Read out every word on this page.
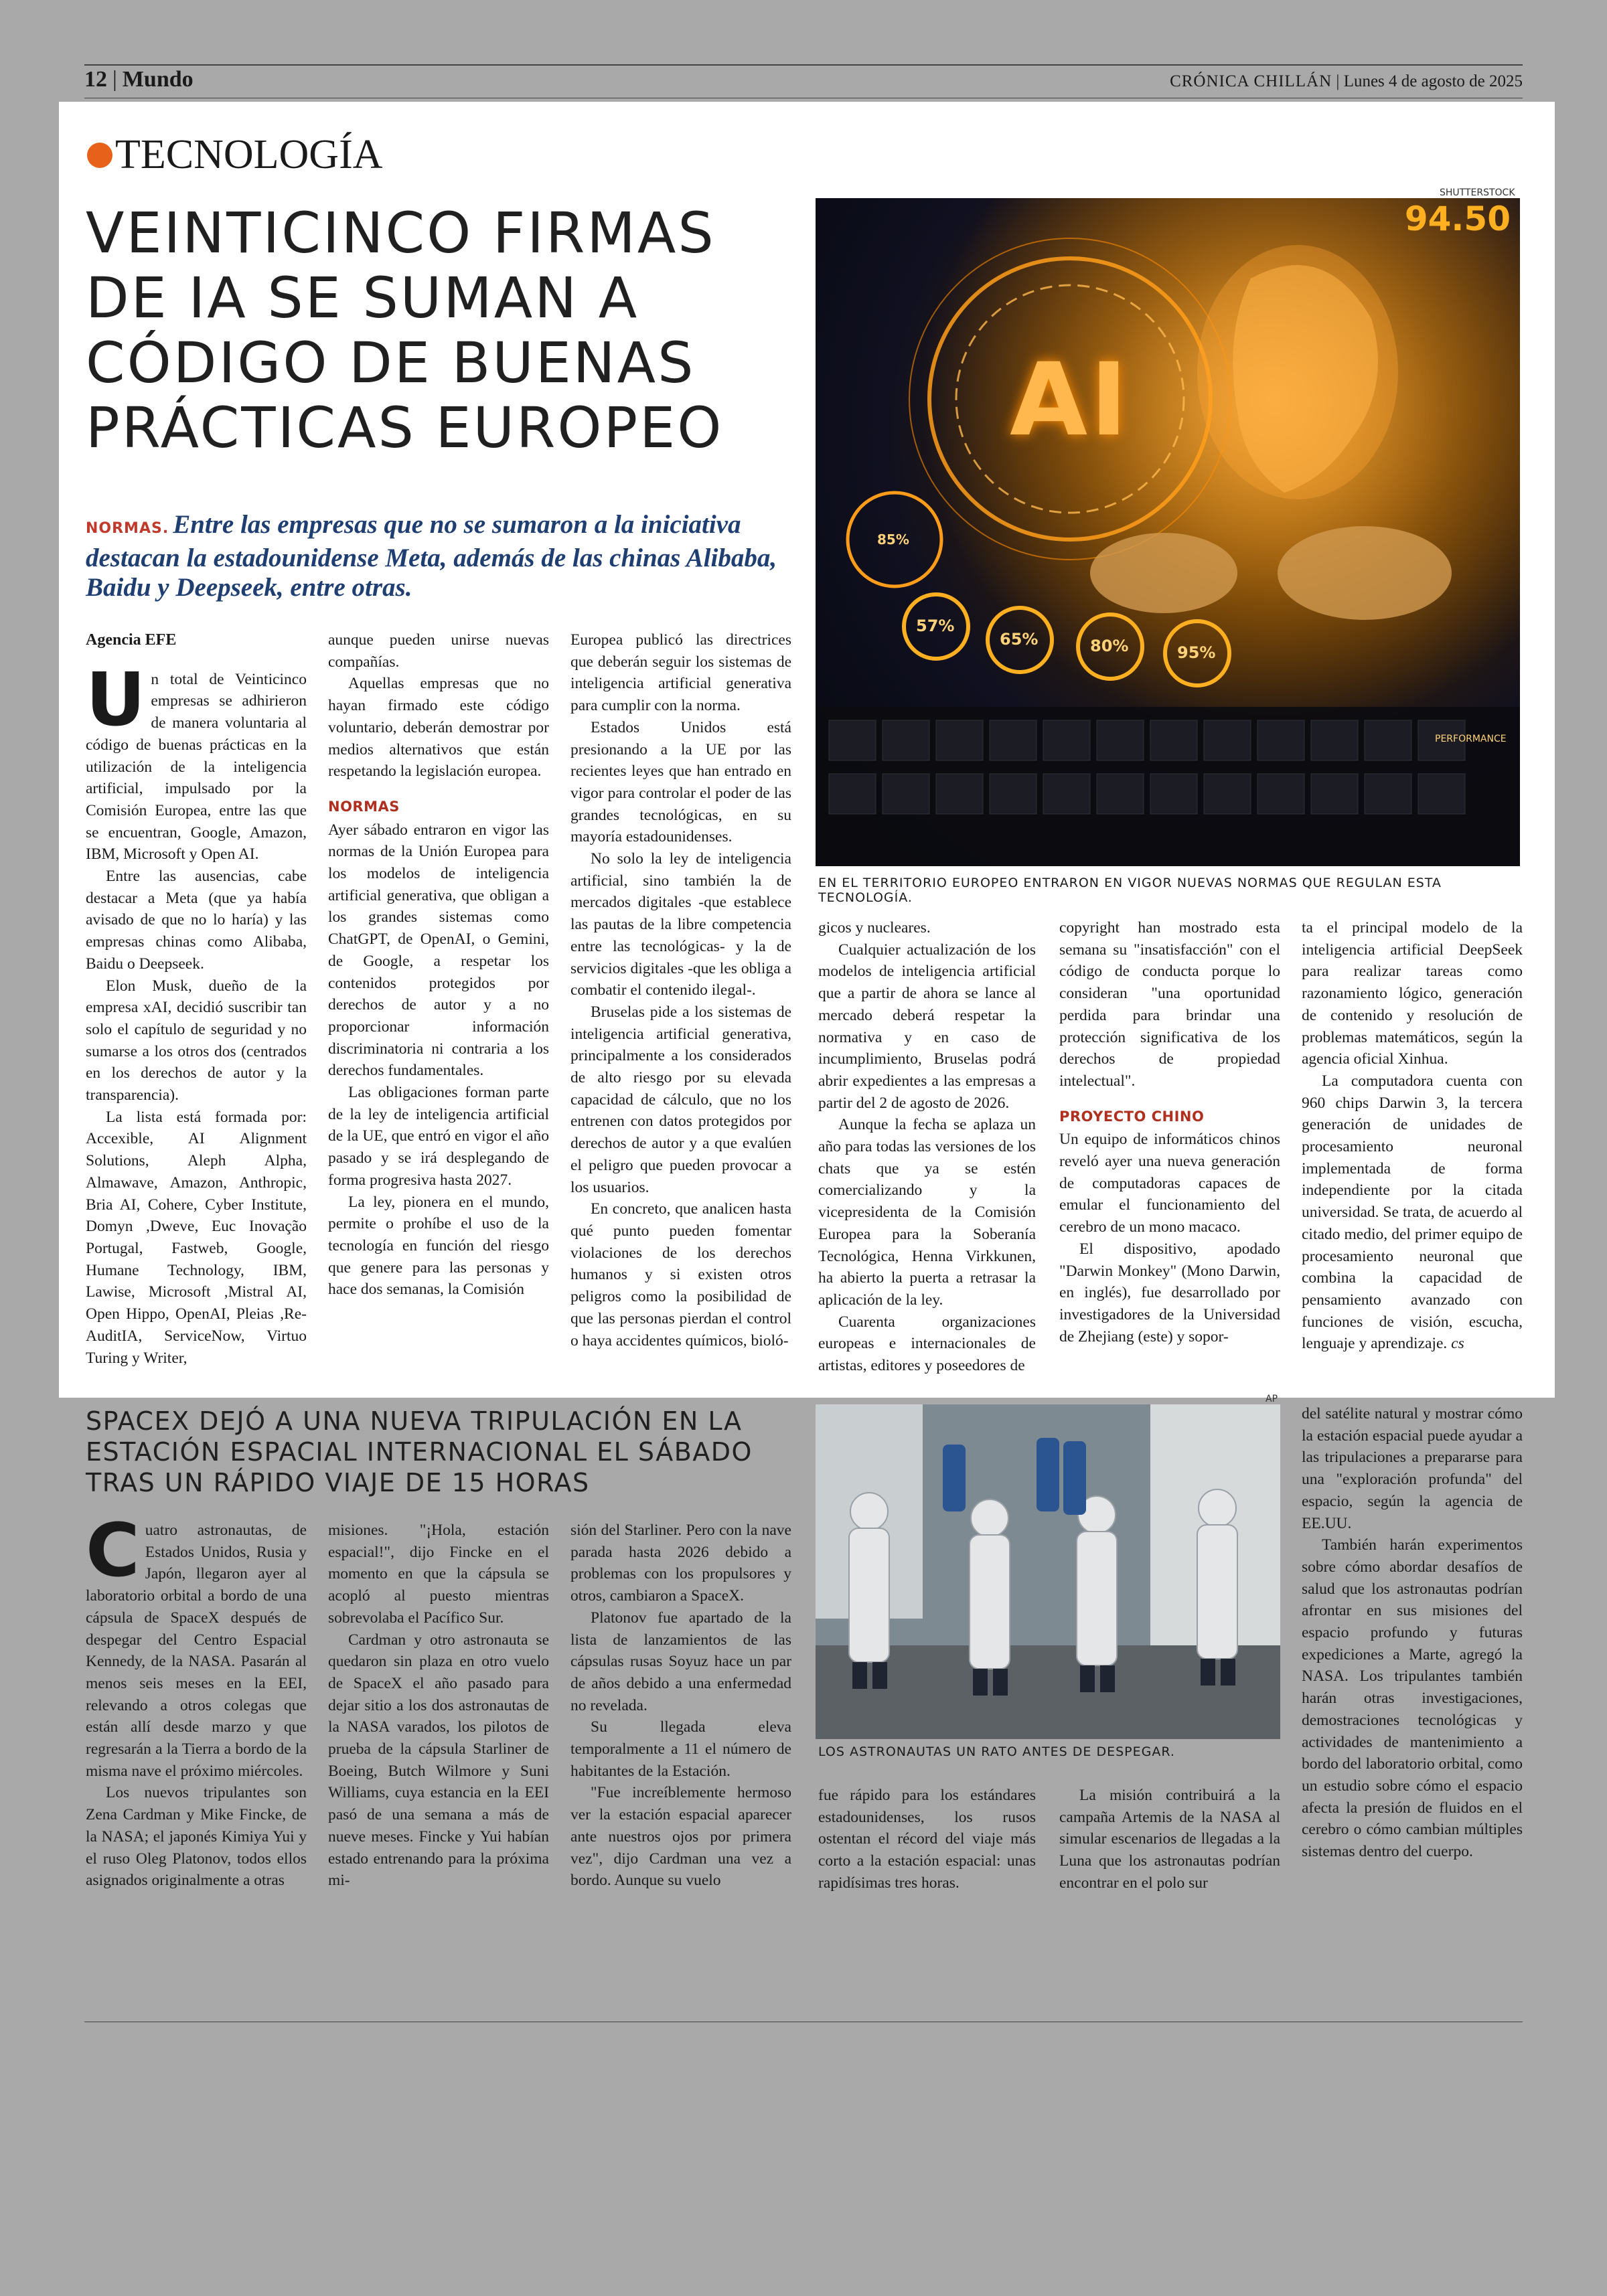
12 | Mundo	CRÓNICA CHILLÁN | Lunes 4 de agosto de 2025
TECNOLOGÍA
VEINTICINCO FIRMAS DE IA SE SUMAN A CÓDIGO DE BUENAS PRÁCTICAS EUROPEO
NORMAS. Entre las empresas que no se sumaron a la iniciativa destacan la estadounidense Meta, además de las chinas Alibaba, Baidu y Deepseek, entre otras.
SHUTTERSTOCK
94.50
AI
85%
57%
65%	80%	95%
PERFORMANCE
EN EL TERRITORIO EUROPEO ENTRARON EN VIGOR NUEVAS NORMAS QUE REGULAN ESTA TECNOLOGÍA.
Agencia EFE

Un total de Veinticinco empresas se adhirieron de manera voluntaria al código de buenas prácticas en la utilización de la inteligencia artificial, impulsado por la Comisión Europea, entre las que se encuentran, Google, Amazon, IBM, Microsoft y Open AI.

Entre las ausencias, cabe destacar a Meta (que ya había avisado de que no lo haría) y las empresas chinas como Alibaba, Baidu o Deepseek.

Elon Musk, dueño de la empresa xAI, decidió suscribir tan solo el capítulo de seguridad y no sumarse a los otros dos (centrados en los derechos de autor y la transparencia).

La lista está formada por: Accexible, AI Alignment Solutions, Aleph Alpha, Almawave, Amazon, Anthropic, Bria AI, Cohere, Cyber Institute, Domyn ,Dweve, Euc Inovação Portugal, Fastweb, Google, Humane Technology, IBM, Lawise, Microsoft ,Mistral AI, Open Hippo, OpenAI, Pleias ,Re-AuditIA, ServiceNow, Virtuo Turing y Writer,

aunque pueden unirse nuevas compañías.

Aquellas empresas que no hayan firmado este código voluntario, deberán demostrar por medios alternativos que están respetando la legislación europea.

NORMAS

Ayer sábado entraron en vigor las normas de la Unión Europea para los modelos de inteligencia artificial generativa, que obligan a los grandes sistemas como ChatGPT, de OpenAI, o Gemini, de Google, a respetar los contenidos protegidos por derechos de autor y a no proporcionar información discriminatoria ni contraria a los derechos fundamentales.

Las obligaciones forman parte de la ley de inteligencia artificial de la UE, que entró en vigor el año pasado y se irá desplegando de forma progresiva hasta 2027.

La ley, pionera en el mundo, permite o prohíbe el uso de la tecnología en función del riesgo que genere para las personas y hace dos semanas, la Comisión

Europea publicó las directrices que deberán seguir los sistemas de inteligencia artificial generativa para cumplir con la norma.

Estados Unidos está presionando a la UE por las recientes leyes que han entrado en vigor para controlar el poder de las grandes tecnológicas, en su mayoría estadounidenses.

No solo la ley de inteligencia artificial, sino también la de mercados digitales -que establece las pautas de la libre competencia entre las tecnológicas- y la de servicios digitales -que les obliga a combatir el contenido ilegal-.

Bruselas pide a los sistemas de inteligencia artificial generativa, principalmente a los considerados de alto riesgo por su elevada capacidad de cálculo, que no los entrenen con datos protegidos por derechos de autor y a que evalúen el peligro que pueden provocar a los usuarios.

En concreto, que analicen hasta qué punto pueden fomentar violaciones de los derechos humanos y si existen otros peligros como la posibilidad de que las personas pierdan el control o haya accidentes químicos, bioló-

gicos y nucleares.

Cualquier actualización de los modelos de inteligencia artificial que a partir de ahora se lance al mercado deberá respetar la normativa y en caso de incumplimiento, Bruselas podrá abrir expedientes a las empresas a partir del 2 de agosto de 2026.

Aunque la fecha se aplaza un año para todas las versiones de los chats que ya se estén comercializando y la vicepresidenta de la Comisión Europea para la Soberanía Tecnológica, Henna Virkkunen, ha abierto la puerta a retrasar la aplicación de la ley.

Cuarenta organizaciones europeas e internacionales de artistas, editores y poseedores de

copyright han mostrado esta semana su "insatisfacción" con el código de conducta porque lo consideran "una oportunidad perdida para brindar una protección significativa de los derechos de propiedad intelectual".

PROYECTO CHINO

Un equipo de informáticos chinos reveló ayer una nueva generación de computadoras capaces de emular el funcionamiento del cerebro de un mono macaco.

El dispositivo, apodado "Darwin Monkey" (Mono Darwin, en inglés), fue desarrollado por investigadores de la Universidad de Zhejiang (este) y sopor-

ta el principal modelo de la inteligencia artificial DeepSeek para realizar tareas como razonamiento lógico, generación de contenido y resolución de problemas matemáticos, según la agencia oficial Xinhua.

La computadora cuenta con 960 chips Darwin 3, la tercera generación de unidades de procesamiento neuronal implementada de forma independiente por la citada universidad. Se trata, de acuerdo al citado medio, del primer equipo de procesamiento neuronal que combina la capacidad de pensamiento avanzado con funciones de visión, escucha, lenguaje y aprendizaje. cs

SPACEX DEJÓ A UNA NUEVA TRIPULACIÓN EN LA ESTACIÓN ESPACIAL INTERNACIONAL EL SÁBADO TRAS UN RÁPIDO VIAJE DE 15 HORAS
AP
LOS ASTRONAUTAS UN RATO ANTES DE DESPEGAR.

Cuatro astronautas, de Estados Unidos, Rusia y Japón, llegaron ayer al laboratorio orbital a bordo de una cápsula de SpaceX después de despegar del Centro Espacial Kennedy, de la NASA. Pasarán al menos seis meses en la EEI, relevando a otros colegas que están allí desde marzo y que regresarán a la Tierra a bordo de la misma nave el próximo miércoles.

Los nuevos tripulantes son Zena Cardman y Mike Fincke, de la NASA; el japonés Kimiya Yui y el ruso Oleg Platonov, todos ellos asignados originalmente a otras

misiones. "¡Hola, estación espacial!", dijo Fincke en el momento en que la cápsula se acopló al puesto mientras sobrevolaba el Pacífico Sur.

Cardman y otro astronauta se quedaron sin plaza en otro vuelo de SpaceX el año pasado para dejar sitio a los dos astronautas de la NASA varados, los pilotos de prueba de la cápsula Starliner de Boeing, Butch Wilmore y Suni Williams, cuya estancia en la EEI pasó de una semana a más de nueve meses. Fincke y Yui habían estado entrenando para la próxima mi-

sión del Starliner. Pero con la nave parada hasta 2026 debido a problemas con los propulsores y otros, cambiaron a SpaceX.

Platonov fue apartado de la lista de lanzamientos de las cápsulas rusas Soyuz hace un par de años debido a una enfermedad no revelada.

Su llegada eleva temporalmente a 11 el número de habitantes de la Estación.

"Fue increíblemente hermoso ver la estación espacial aparecer ante nuestros ojos por primera vez", dijo Cardman una vez a bordo. Aunque su vuelo

fue rápido para los estándares estadounidenses, los rusos ostentan el récord del viaje más corto a la estación espacial: unas rapidísimas tres horas.

La misión contribuirá a la campaña Artemis de la NASA al simular escenarios de llegadas a la Luna que los astronautas podrían encontrar en el polo sur

del satélite natural y mostrar cómo la estación espacial puede ayudar a las tripulaciones a prepararse para una "exploración profunda" del espacio, según la agencia de EE.UU.

También harán experimentos sobre cómo abordar desafíos de salud que los astronautas podrían afrontar en sus misiones del espacio profundo y futuras expediciones a Marte, agregó la NASA. Los tripulantes también harán otras investigaciones, demostraciones tecnológicas y actividades de mantenimiento a bordo del laboratorio orbital, como un estudio sobre cómo el espacio afecta la presión de fluidos en el cerebro o cómo cambian múltiples sistemas dentro del cuerpo.
